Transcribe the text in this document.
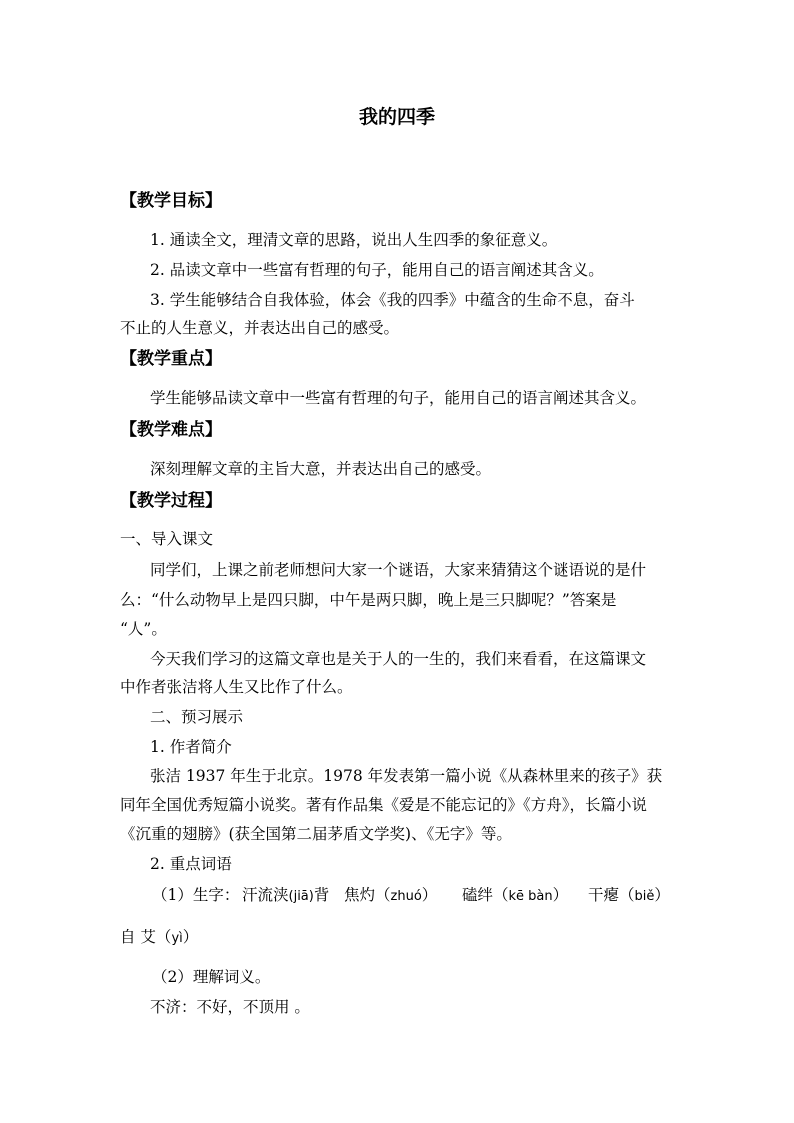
我的四季
【教学目标】
1. 通读全文，理清文章的思路，说出人生四季的象征意义。
2. 品读文章中一些富有哲理的句子，能用自己的语言阐述其含义。
3. 学生能够结合自我体验，体会《我的四季》中蕴含的生命不息，奋斗
不止的人生意义，并表达出自己的感受。
【教学重点】
学生能够品读文章中一些富有哲理的句子，能用自己的语言阐述其含义。
【教学难点】
深刻理解文章的主旨大意，并表达出自己的感受。
【教学过程】
一、导入课文
同学们，上课之前老师想问大家一个谜语，大家来猜猜这个谜语说的是什
么：“什么动物早上是四只脚，中午是两只脚，晚上是三只脚呢？”答案是
“人”。
今天我们学习的这篇文章也是关于人的一生的，我们来看看，在这篇课文
中作者张洁将人生又比作了什么。
二、预习展示
1. 作者简介
张洁 1937 年生于北京。1978 年发表第一篇小说《从森林里来的孩子》获
同年全国优秀短篇小说奖。著有作品集《爱是不能忘记的》《方舟》，长篇小说
《沉重的翅膀》(获全国第二届茅盾文学奖)、《无字》等。
2. 重点词语
（1）生字： 汗流浃(jiā)背 焦灼（zhuó） 磕绊（kē bàn） 干瘪（biě）
自 艾（yì）
（2）理解词义。
不济：不好，不顶用 。
